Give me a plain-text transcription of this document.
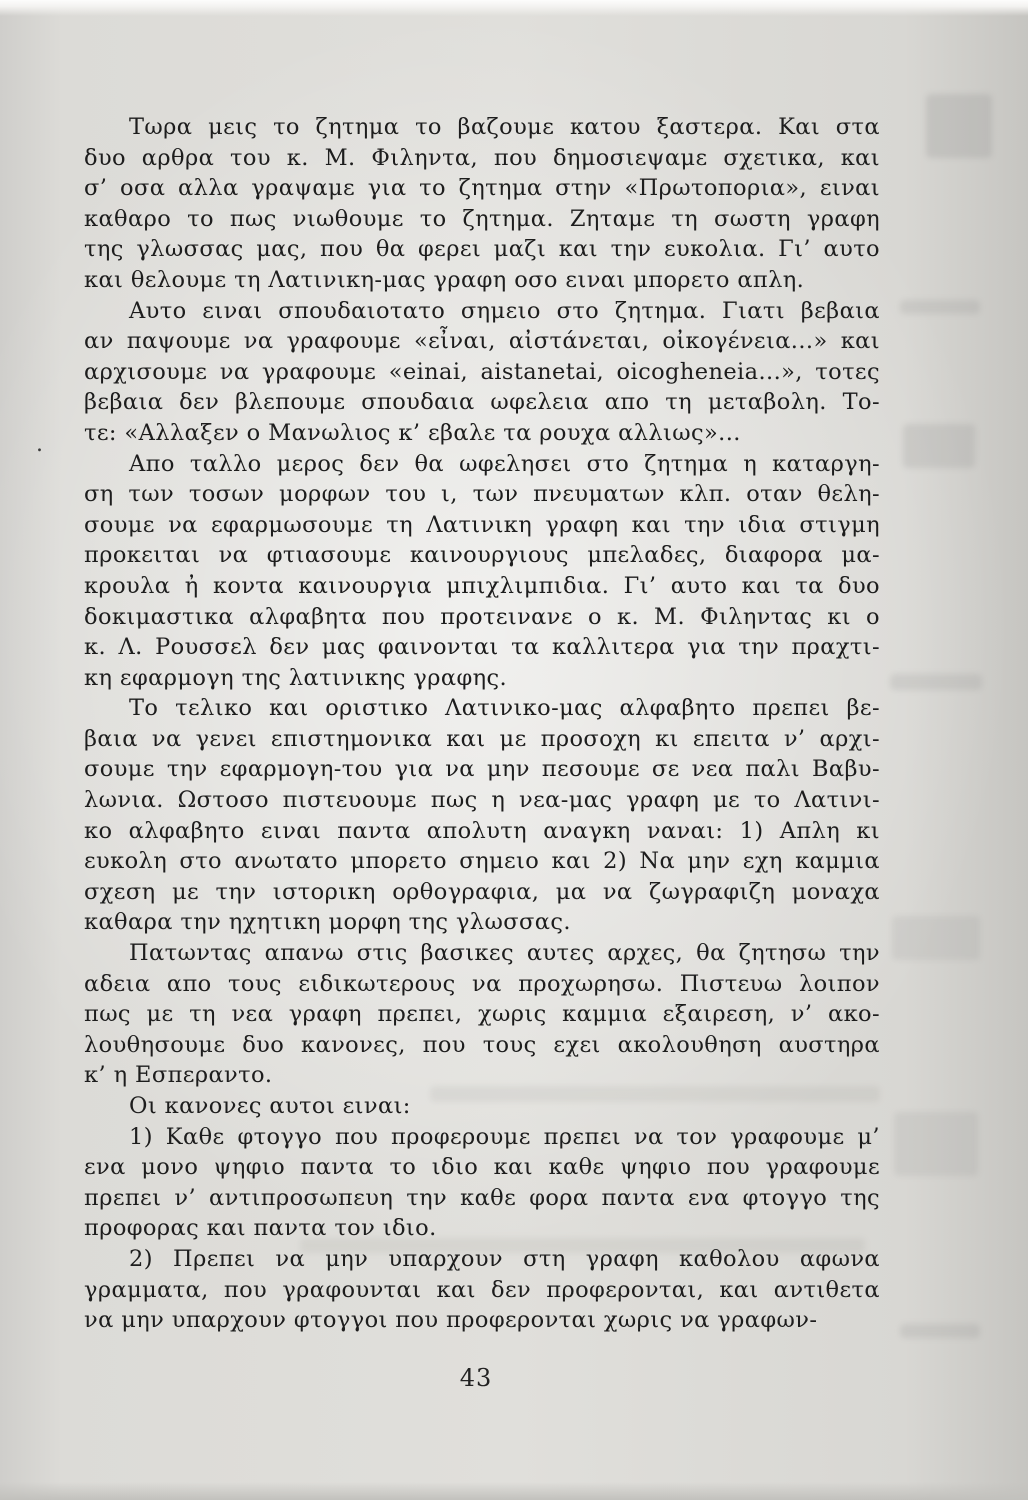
.
Τωρα μεις το ζητημα το βαζουμε κατου ξαστερα. Και στα
δυο αρθρα του κ. Μ. Φιληντα, που δημοσιεψαμε σχετικα, και
σ’ οσα αλλα γραψαμε για το ζητημα στην «Πρωτοπορια», ειναι
καθαρο το πως νιωθουμε το ζητημα. Ζηταμε τη σωστη γραφη
της γλωσσας μας, που θα φερει μαζι και την ευκολια. Γι’ αυτο
και θελουμε τη Λατινικη-μας γραφη οσο ειναι μπορετο απλη.
Αυτο ειναι σπουδαιοτατο σημειο στο ζητημα. Γιατι βεβαια
αν παψουμε να γραφουμε «εἶναι, αἰστάνεται, οἰκογένεια...» και
αρχισουμε να γραφουμε «einai, aistanetai, oicogheneia...», τοτες
βεβαια δεν βλεπουμε σπουδαια ωφελεια απο τη μεταβολη. Το-
τε: «Αλλαξεν ο Μανωλιος κ’ εβαλε τα ρουχα αλλιως»...
Απο ταλλο μερος δεν θα ωφελησει στο ζητημα η καταργη-
ση των τοσων μορφων του ι, των πνευματων κλπ. οταν θελη-
σουμε να εφαρμωσουμε τη Λατινικη γραφη και την ιδια στιγμη
προκειται να φτιασουμε καινουργιους μπελαδες, διαφορα μα-
κρουλα ἠ κοντα καινουργια μπιχλιμπιδια. Γι’ αυτο και τα δυο
δοκιμαστικα αλφαβητα που προτεινανε ο κ. Μ. Φιληντας κι ο
κ. Λ. Ρουσσελ δεν μας φαινονται τα καλλιτερα για την πραχτι-
κη εφαρμογη της λατινικης γραφης.
Το τελικο και οριστικο Λατινικο-μας αλφαβητο πρεπει βε-
βαια να γενει επιστημονικα και με προσοχη κι επειτα ν’ αρχι-
σουμε την εφαρμογη-του για να μην πεσουμε σε νεα παλι Βαβυ-
λωνια. Ωστοσο πιστευουμε πως η νεα-μας γραφη με το Λατινι-
κο αλφαβητο ειναι παντα απολυτη αναγκη ναναι: 1) Απλη κι
ευκολη στο ανωτατο μπορετο σημειο και 2) Να μην εχη καμμια
σχεση με την ιστορικη ορθογραφια, μα να ζωγραφιζη μοναχα
καθαρα την ηχητικη μορφη της γλωσσας.
Πατωντας απανω στις βασικες αυτες αρχες, θα ζητησω την
αδεια απο τους ειδικωτερους να προχωρησω. Πιστευω λοιπον
πως με τη νεα γραφη πρεπει, χωρις καμμια εξαιρεση, ν’ ακο-
λουθησουμε δυο κανονες, που τους εχει ακολουθηση αυστηρα
κ’ η Εσπεραντο.
Οι κανονες αυτοι ειναι:
1) Καθε φτογγο που προφερουμε πρεπει να τον γραφουμε μ’
ενα μονο ψηφιο παντα το ιδιο και καθε ψηφιο που γραφουμε
πρεπει ν’ αντιπροσωπευη την καθε φορα παντα ενα φτογγο της
προφορας και παντα τον ιδιο.
2) Πρεπει να μην υπαρχουν στη γραφη καθολου αφωνα
γραμματα, που γραφουνται και δεν προφερονται, και αντιθετα
να μην υπαρχουν φτογγοι που προφερονται χωρις να γραφων-
43
